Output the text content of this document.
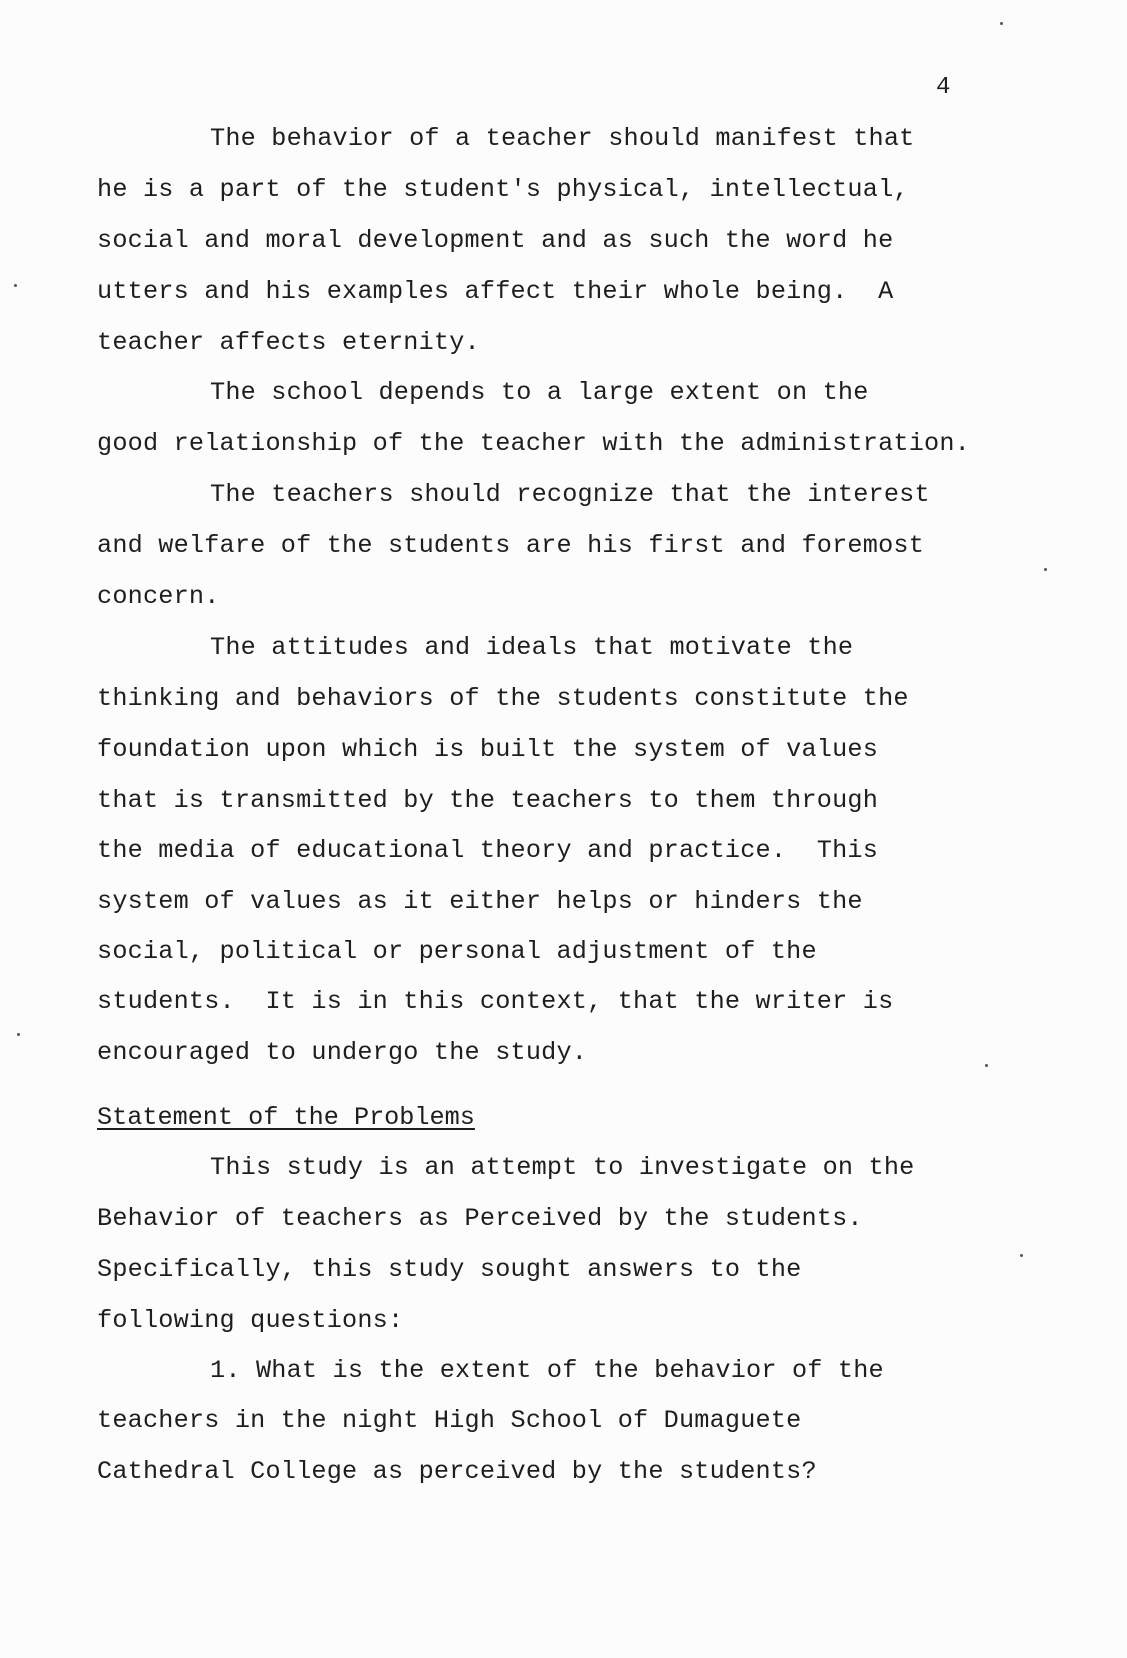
4
The behavior of a teacher should manifest that
he is a part of the student's physical, intellectual,
social and moral development and as such the word he
utters and his examples affect their whole being.  A
teacher affects eternity.
The school depends to a large extent on the
good relationship of the teacher with the administration.
The teachers should recognize that the interest
and welfare of the students are his first and foremost
concern.
The attitudes and ideals that motivate the
thinking and behaviors of the students constitute the
foundation upon which is built the system of values
that is transmitted by the teachers to them through
the media of educational theory and practice.  This
system of values as it either helps or hinders the
social, political or personal adjustment of the
students.  It is in this context, that the writer is
encouraged to undergo the study.
Statement of the Problems
This study is an attempt to investigate on the
Behavior of teachers as Perceived by the students.
Specifically, this study sought answers to the
following questions:
1. What is the extent of the behavior of the
teachers in the night High School of Dumaguete
Cathedral College as perceived by the students?
